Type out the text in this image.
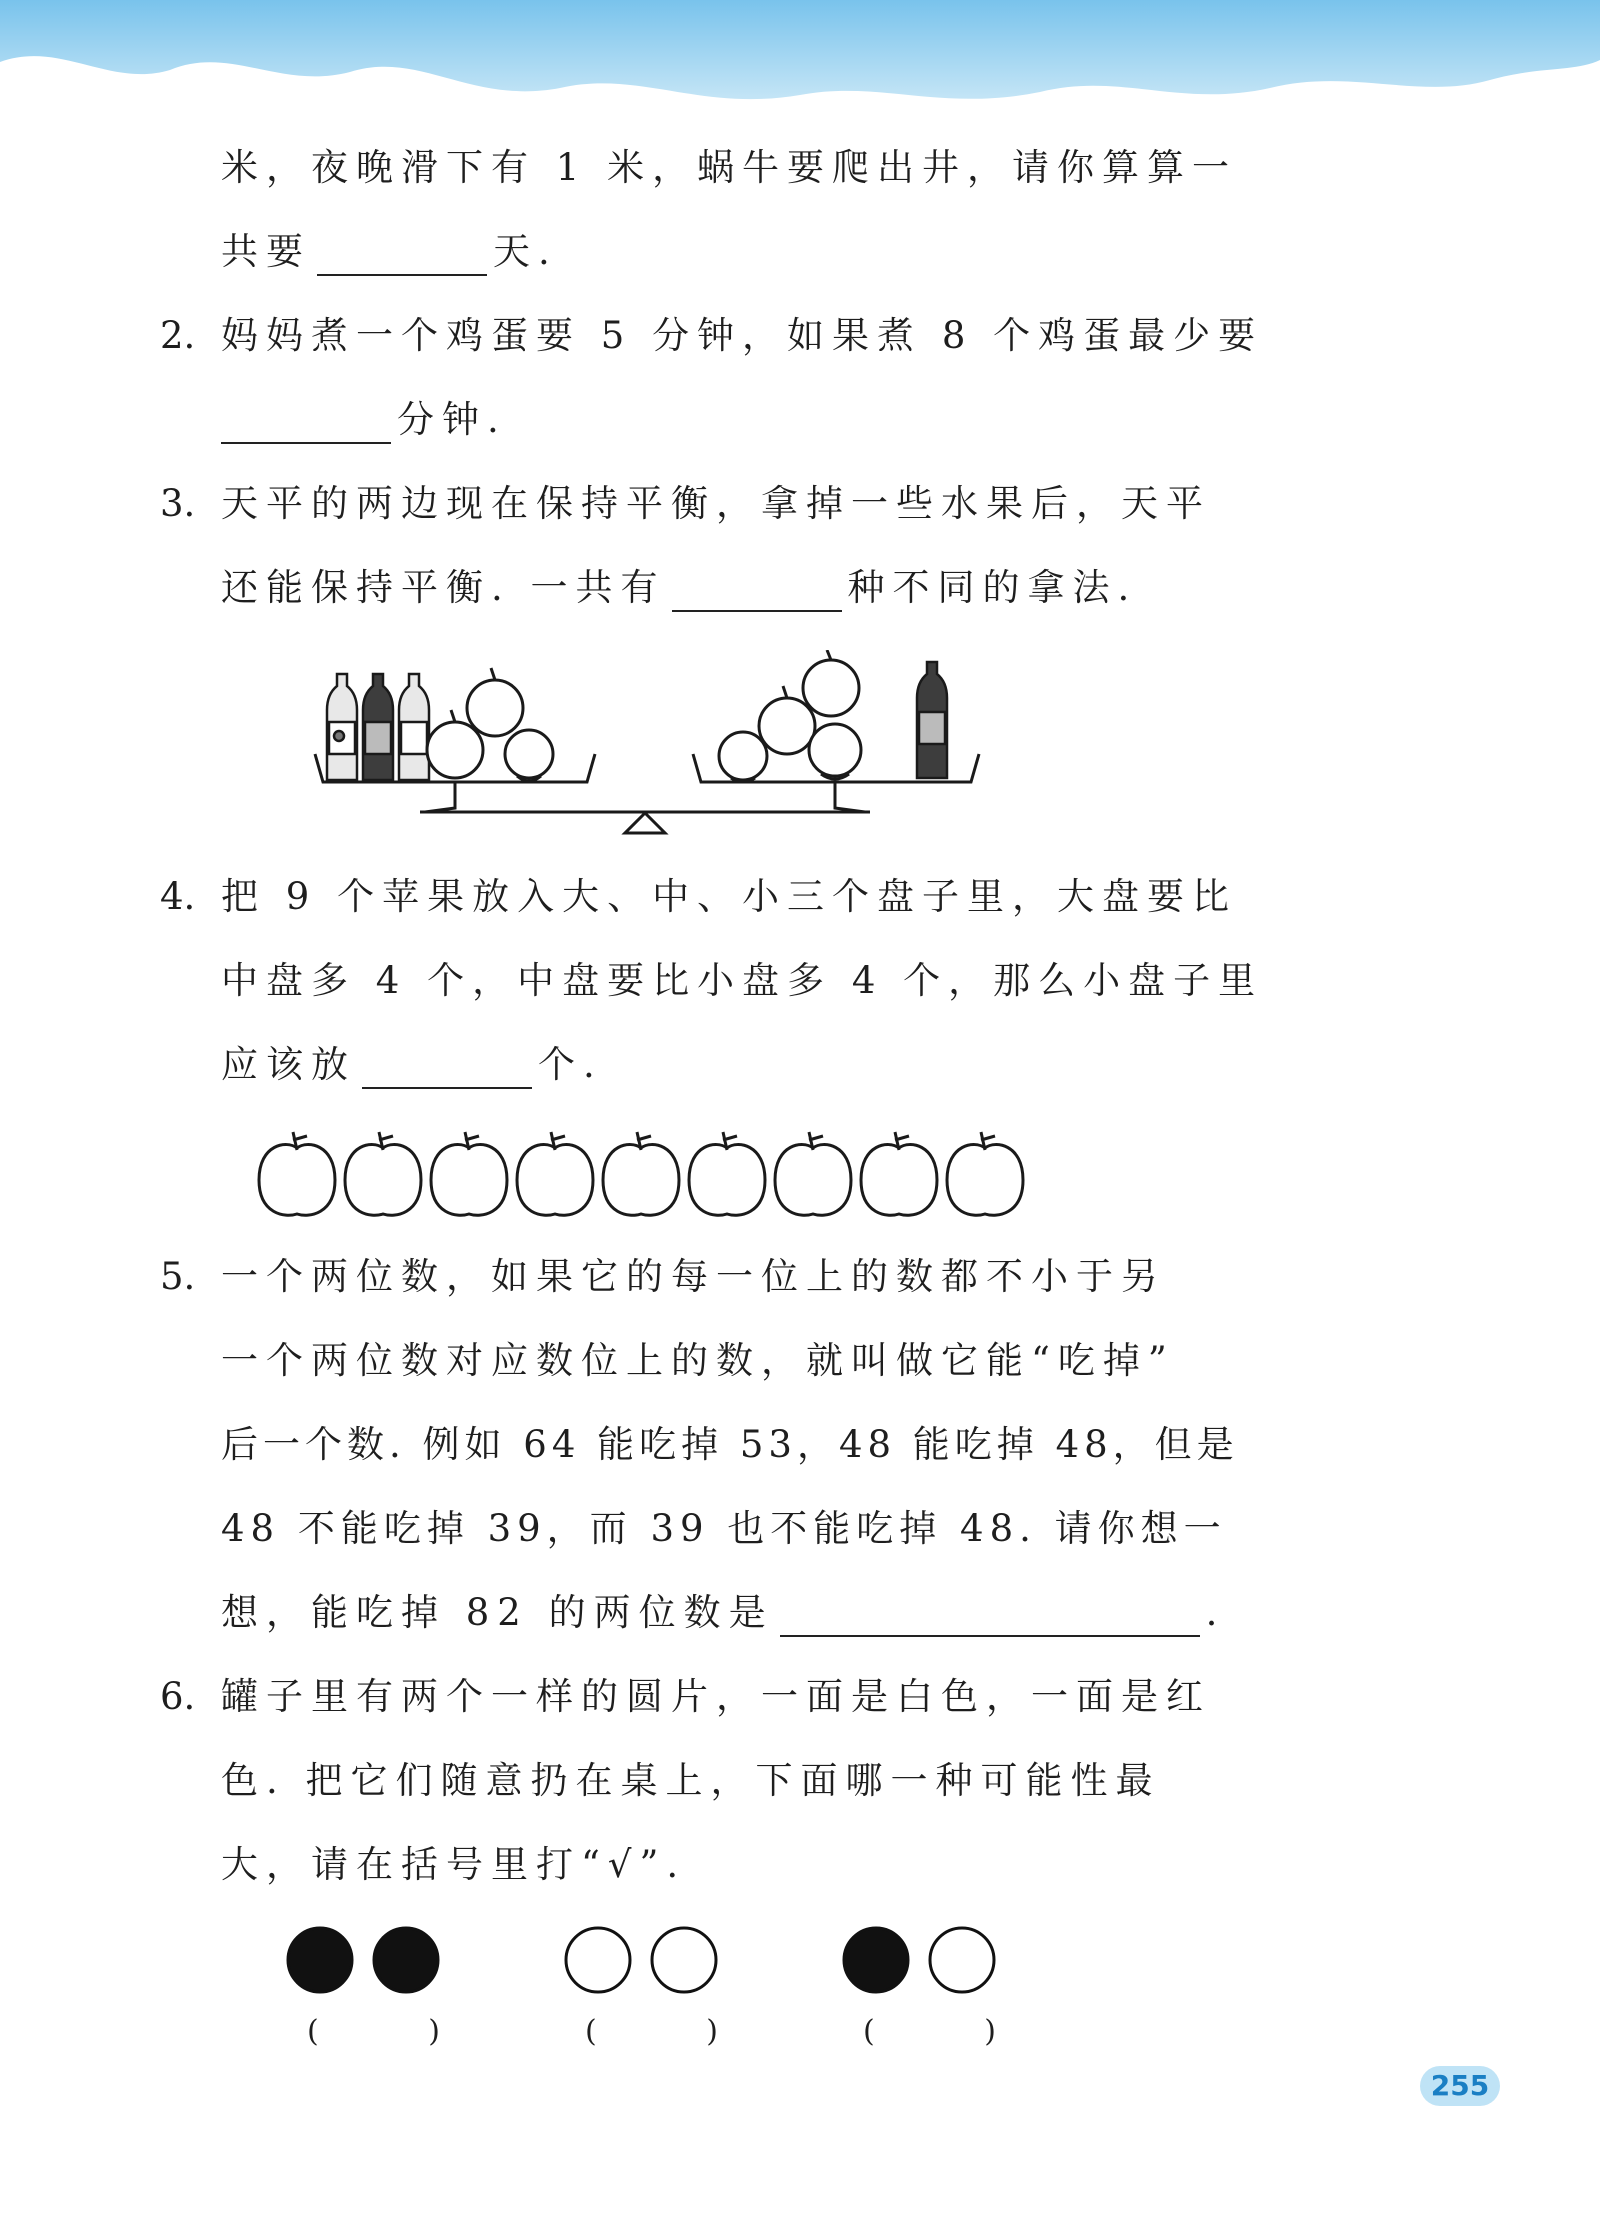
米，夜晚滑下有 1 米，蜗牛要爬出井，请你算算一

共要	天.

2. 妈妈煮一个鸡蛋要 5 分钟，如果煮 8 个鸡蛋最少要

分钟.

3. 天平的两边现在保持平衡，拿掉一些水果后，天平

还能保持平衡. 一共有	种不同的拿法.

4. 把 9 个苹果放入大、中、小三个盘子里，大盘要比

中盘多 4 个，中盘要比小盘多 4 个，那么小盘子里

应该放	个.

5. 一个两位数，如果它的每一位上的数都不小于另

一个两位数对应数位上的数，就叫做它能“吃掉”

后一个数. 例如 64 能吃掉 53，48 能吃掉 48，但是

48 不能吃掉 39，而 39 也不能吃掉 48. 请你想一

想，能吃掉 82 的两位数是	.

6. 罐子里有两个一样的圆片，一面是白色，一面是红

色. 把它们随意扔在桌上，下面哪一种可能性最

大，请在括号里打“√”.

( )	( )	( )
255
